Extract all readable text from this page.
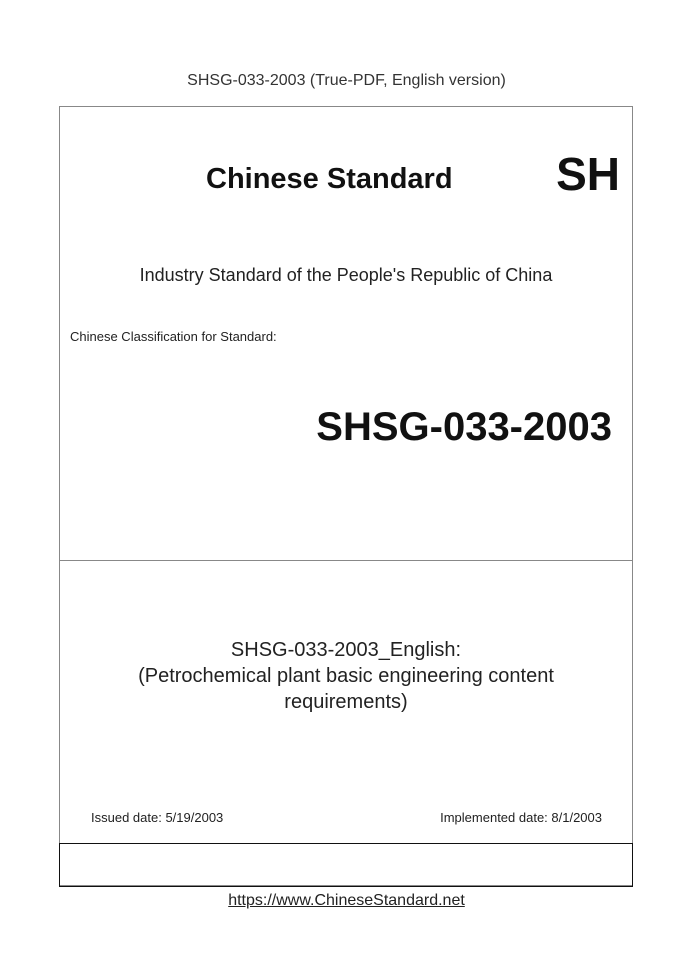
SHSG-033-2003 (True-PDF, English version)
Chinese Standard SH
Industry Standard of the People's Republic of China
Chinese Classification for Standard:
SHSG-033-2003
SHSG-033-2003_English:
(Petrochemical plant basic engineering content
requirements)
Issued date: 5/19/2003	Implemented date: 8/1/2003
https://www.ChineseStandard.net
